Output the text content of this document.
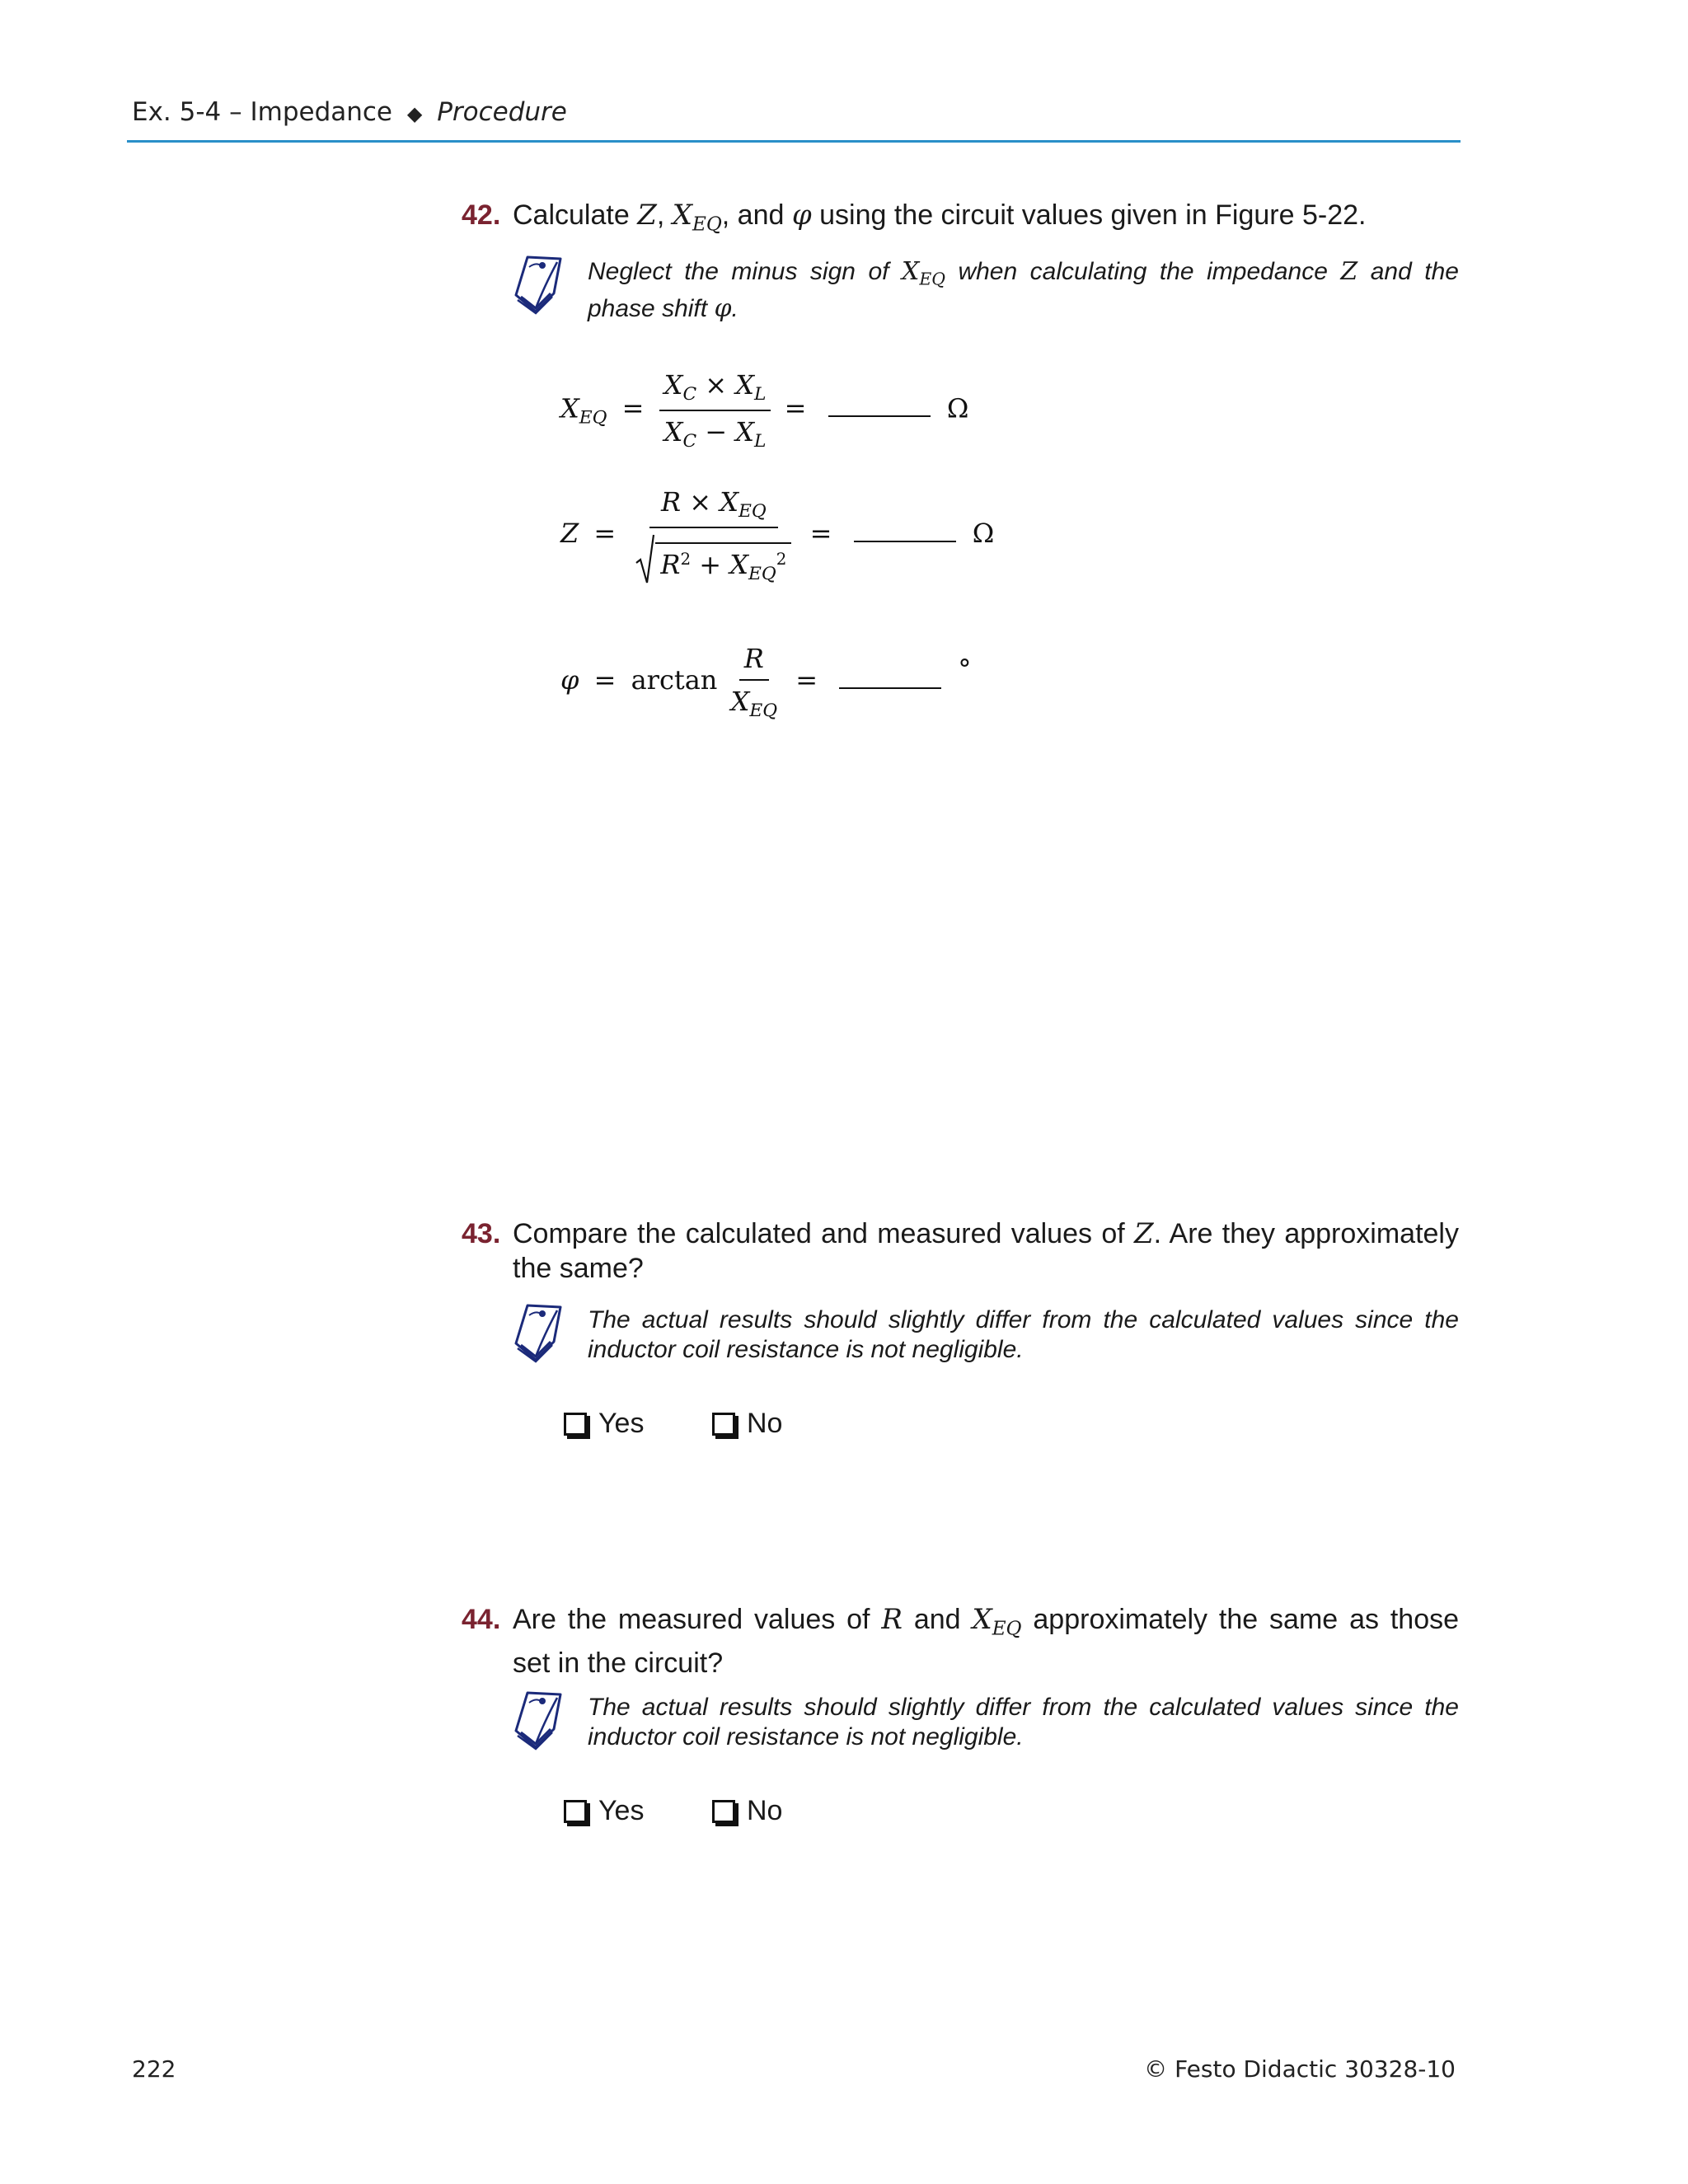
Ex. 5-4 – Impedance ◆ Procedure
42. Calculate Z, $X_{EQ}$, and φ using the circuit values given in Figure 5-22.
Neglect the minus sign of $X_{EQ}$ when calculating the impedance Z and the phase shift φ.
$X_{EQ} = \frac{X_C \times X_L}{X_C - X_L}$ =	Ω
$Z = \frac{R \times X_{EQ}}{R^2 + X_{EQ}^2}$ =	Ω
$\varphi = \arctan \frac{R}{X_{EQ}}$ =	°
43. Compare the calculated and measured values of Z. Are they approximately the same?
The actual results should slightly differ from the calculated values since the inductor coil resistance is not negligible.
Yes	No
44. Are the measured values of R and $X_{EQ}$ approximately the same as those set in the circuit?
The actual results should slightly differ from the calculated values since the inductor coil resistance is not negligible.
Yes	No
222	© Festo Didactic 30328-10
